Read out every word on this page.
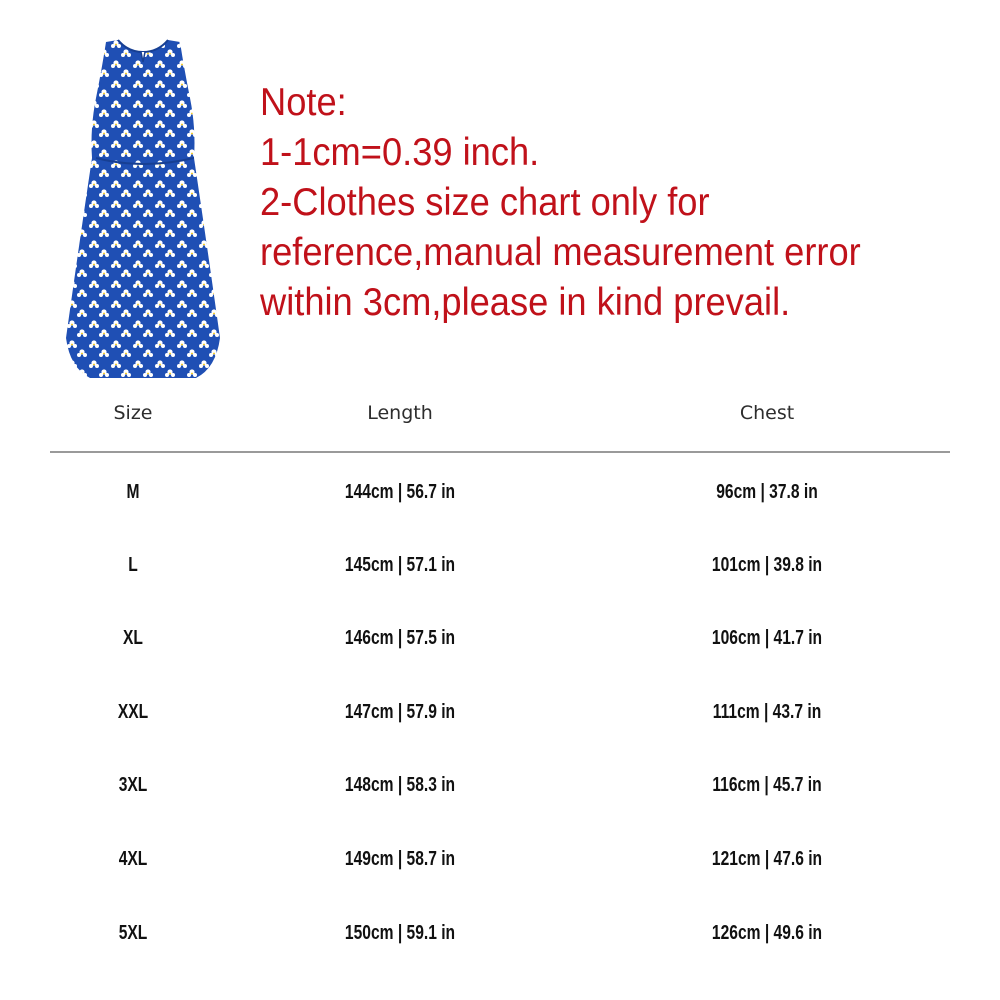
Note:
1-1cm=0.39 inch.
2-Clothes size chart only for
reference,manual measurement error
within 3cm,please in kind prevail.
Size	Length	Chest
M	144cm | 56.7 in	96cm | 37.8 in
L	145cm | 57.1 in	101cm | 39.8 in
XL	146cm | 57.5 in	106cm | 41.7 in
XXL	147cm | 57.9 in	111cm | 43.7 in
3XL	148cm | 58.3 in	116cm | 45.7 in
4XL	149cm | 58.7 in	121cm | 47.6 in
5XL	150cm | 59.1 in	126cm | 49.6 in
